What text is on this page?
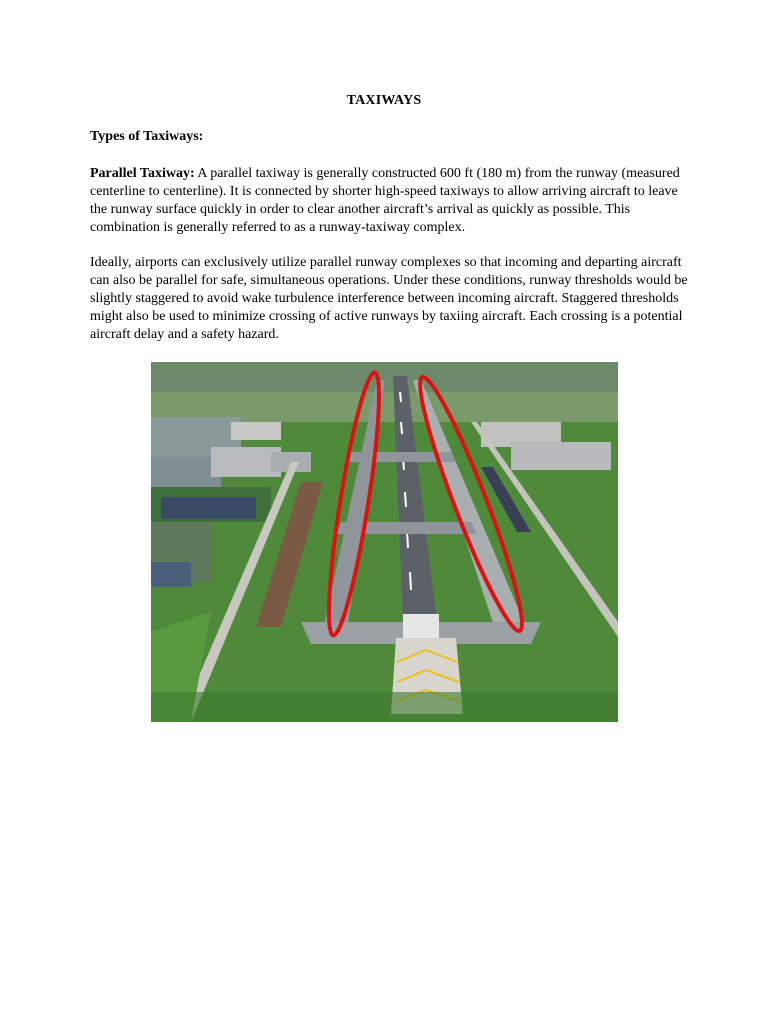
TAXIWAYS
Types of Taxiways:
Parallel Taxiway: A parallel taxiway is generally constructed 600 ft (180 m) from the runway (measured centerline to centerline). It is connected by shorter high-speed taxiways to allow arriving aircraft to leave the runway surface quickly in order to clear another aircraft’s arrival as quickly as possible. This combination is generally referred to as a runway-taxiway complex.
Ideally, airports can exclusively utilize parallel runway complexes so that incoming and departing aircraft can also be parallel for safe, simultaneous operations. Under these conditions, runway thresholds would be slightly staggered to avoid wake turbulence interference between incoming aircraft. Staggered thresholds might also be used to minimize crossing of active runways by taxiing aircraft. Each crossing is a potential aircraft delay and a safety hazard.
